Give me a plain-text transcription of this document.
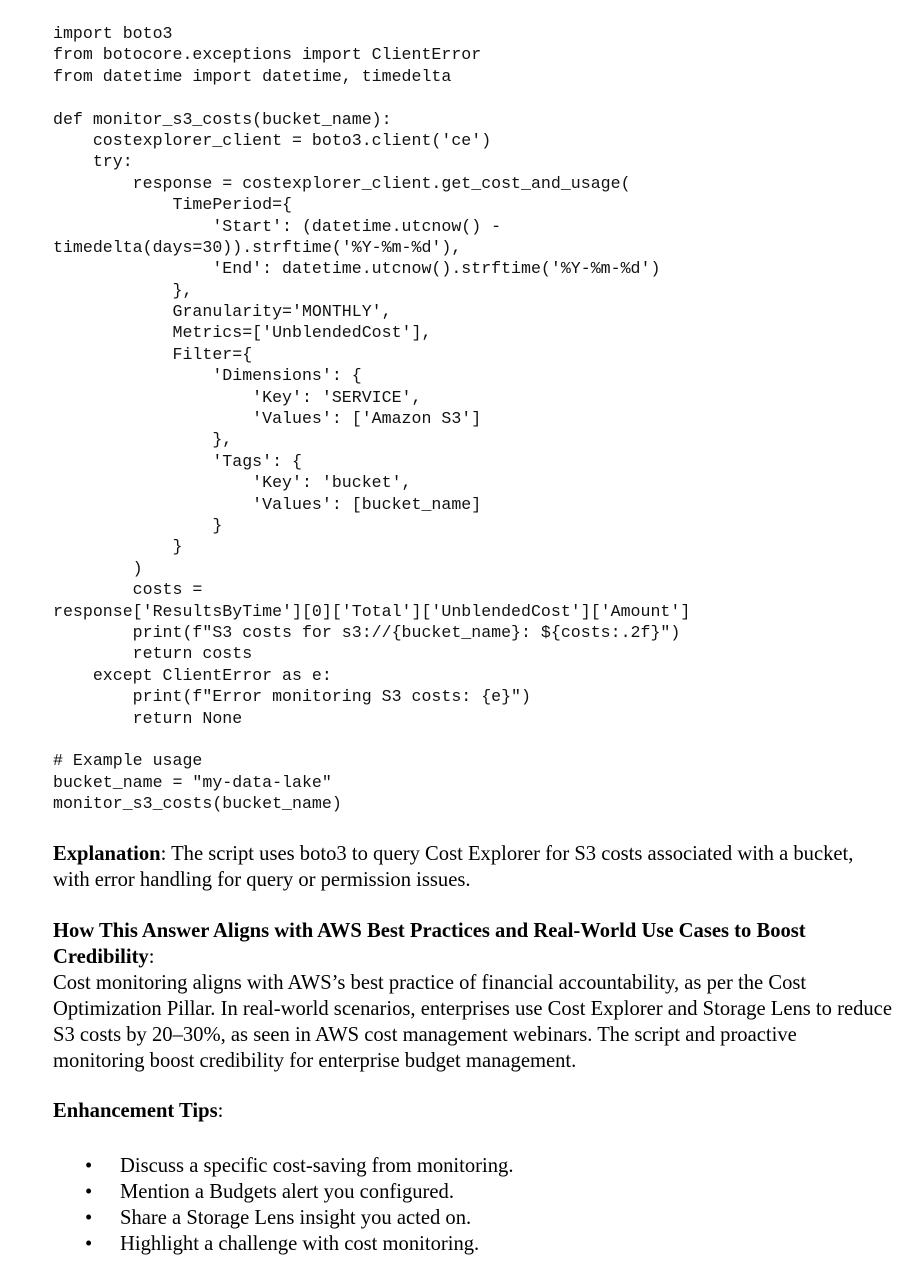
import boto3
from botocore.exceptions import ClientError
from datetime import datetime, timedelta
def monitor_s3_costs(bucket_name):
costexplorer_client = boto3.client('ce')
try:
response = costexplorer_client.get_cost_and_usage(
TimePeriod={
'Start': (datetime.utcnow() -
timedelta(days=30)).strftime('%Y-%m-%d'),
'End': datetime.utcnow().strftime('%Y-%m-%d')
},
Granularity='MONTHLY',
Metrics=['UnblendedCost'],
Filter={
'Dimensions': {
'Key': 'SERVICE',
'Values': ['Amazon S3']
},
'Tags': {
'Key': 'bucket',
'Values': [bucket_name]
}
}
)
costs =
response['ResultsByTime'][0]['Total']['UnblendedCost']['Amount']
print(f"S3 costs for s3://{bucket_name}: ${costs:.2f}")
return costs
except ClientError as e:
print(f"Error monitoring S3 costs: {e}")
return None
# Example usage
bucket_name = "my-data-lake"
monitor_s3_costs(bucket_name)

Explanation: The script uses boto3 to query Cost Explorer for S3 costs associated with a bucket, with error handling for query or permission issues.

How This Answer Aligns with AWS Best Practices and Real-World Use Cases to Boost Credibility:

Cost monitoring aligns with AWS’s best practice of financial accountability, as per the Cost Optimization Pillar. In real-world scenarios, enterprises use Cost Explorer and Storage Lens to reduce S3 costs by 20–30%, as seen in AWS cost management webinars. The script and proactive monitoring boost credibility for enterprise budget management.

Enhancement Tips:

• Discuss a specific cost-saving from monitoring.
• Mention a Budgets alert you configured.
• Share a Storage Lens insight you acted on.
• Highlight a challenge with cost monitoring.
